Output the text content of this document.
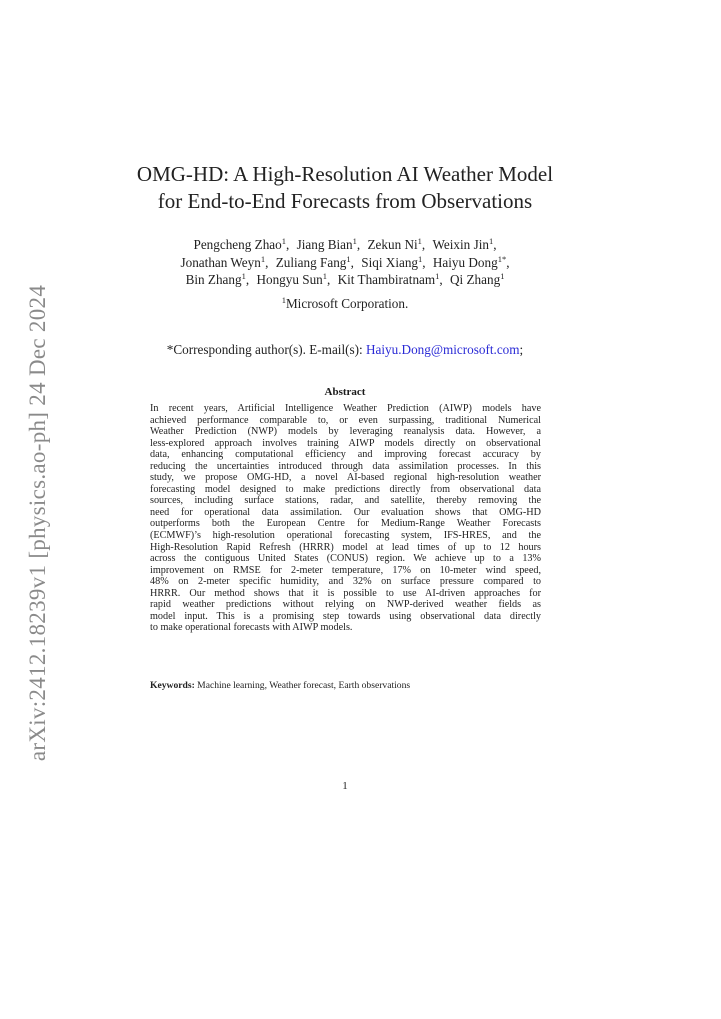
arXiv:2412.18239v1 [physics.ao-ph] 24 Dec 2024
OMG-HD: A High-Resolution AI Weather Model
for End-to-End Forecasts from Observations
Pengcheng Zhao$^1$, Jiang Bian$^1$, Zekun Ni$^1$, Weixin Jin$^1$,
Jonathan Weyn$^1$, Zuliang Fang$^1$, Siqi Xiang$^1$, Haiyu Dong$^{1*}$,
Bin Zhang$^1$, Hongyu Sun$^1$, Kit Thambiratnam$^1$, Qi Zhang$^1$
$^1$Microsoft Corporation.
*Corresponding author(s). E-mail(s): Haiyu.Dong@microsoft.com;
Abstract
In recent years, Artificial Intelligence Weather Prediction (AIWP) models have
achieved performance comparable to, or even surpassing, traditional Numerical
Weather Prediction (NWP) models by leveraging reanalysis data. However, a
less-explored approach involves training AIWP models directly on observational
data, enhancing computational efficiency and improving forecast accuracy by
reducing the uncertainties introduced through data assimilation processes. In this
study, we propose OMG-HD, a novel AI-based regional high-resolution weather
forecasting model designed to make predictions directly from observational data
sources, including surface stations, radar, and satellite, thereby removing the
need for operational data assimilation. Our evaluation shows that OMG-HD
outperforms both the European Centre for Medium-Range Weather Forecasts
(ECMWF)’s high-resolution operational forecasting system, IFS-HRES, and the
High-Resolution Rapid Refresh (HRRR) model at lead times of up to 12 hours
across the contiguous United States (CONUS) region. We achieve up to a 13%
improvement on RMSE for 2-meter temperature, 17% on 10-meter wind speed,
48% on 2-meter specific humidity, and 32% on surface pressure compared to
HRRR. Our method shows that it is possible to use AI-driven approaches for
rapid weather predictions without relying on NWP-derived weather fields as
model input. This is a promising step towards using observational data directly
to make operational forecasts with AIWP models.
Keywords: Machine learning, Weather forecast, Earth observations
1
